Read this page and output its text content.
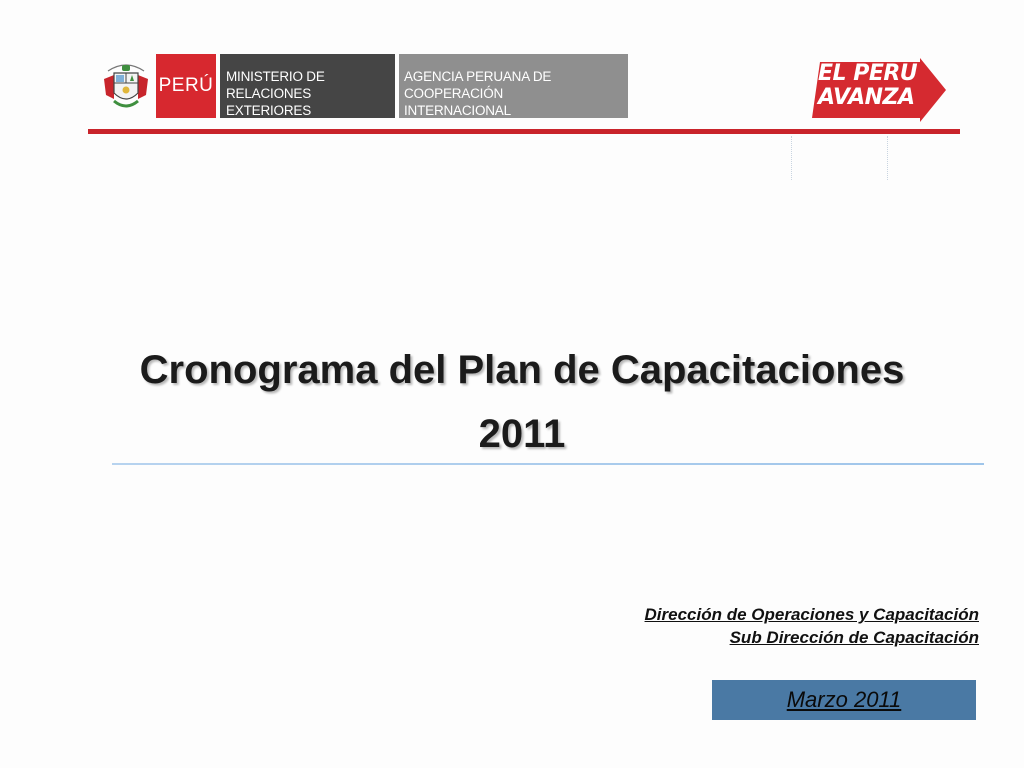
PERÚ MINISTERIO DE RELACIONES
EXTERIORES
AGENCIA PERUANA DE COOPERACIÓN
INTERNACIONAL
EL PERU
AVANZA
Cronograma del Plan de Capacitaciones
2011
Dirección de Operaciones y Capacitación
Sub Dirección de Capacitación
Marzo 2011
